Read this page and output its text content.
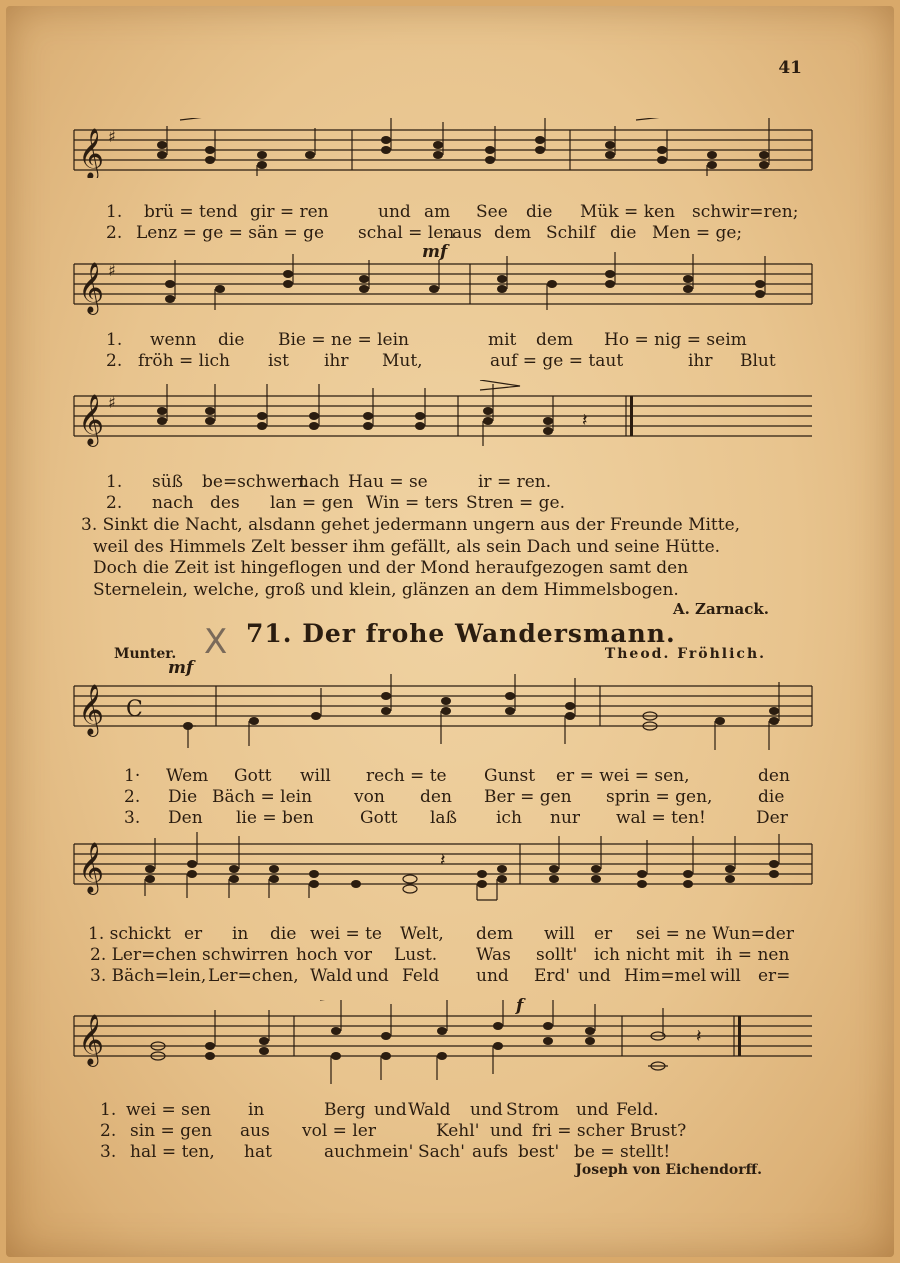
41
𝄞 ♯
1. brü = tend gir = ren	und am See die Mük = ken schwir=ren;
2. Lenz = ge = sän = ge schal = len
aus dem Schilf die Men = ge;
mf
𝄞 ♯
1. wenn die Bie = ne = lein	mit dem Ho = nig = seim
2. fröh = lich ist ihr Mut,	auf = ge = taut	ihr Blut
𝄞 ♯
𝄽
1. süß be=schwert
nach Hau = se	ir = ren.
2. nach des lan = gen Win = ters Stren = ge.

3. Sinkt die Nacht, alsdann gehet jedermann ungern aus der Freunde Mitte,

weil des Himmels Zelt besser ihm gefällt, als sein Dach und seine Hütte.

Doch die Zeit ist hingeflogen und der Mond heraufgezogen samt den

Sternelein, welche, groß und klein, glänzen an dem Himmelsbogen.

A. Zarnack.
X 71. Der frohe Wandersmann.
Munter.	Theod. Fröhlich.
mf
𝄞 C
1· Wem Gott will rech = te Gunst er = wei = sen,	den
2. Die Bäch = lein von den Ber = gen sprin = gen,	die
3. Den lie = ben	Gott laß ich nur wal = ten!	Der
𝄞	𝄽
1. schickt er in die wei = te Welt, dem will er sei = ne Wun=der
2. Ler=chen schwirren hoch vor Lust. Was sollt' ich nicht mit ih = nen
3. Bäch=lein, Ler=chen, Wald und Feld und Erd' und Him=mel will er=
f
𝄞	𝄽
1. wei = sen in	Berg und Wald und Strom und Feld.
2. sin = gen aus vol = ler	Kehl' und fri = scher Brust?
3. hal = ten, hat	auch mein' Sach' aufs best' be = stellt!
Joseph von Eichendorff.
